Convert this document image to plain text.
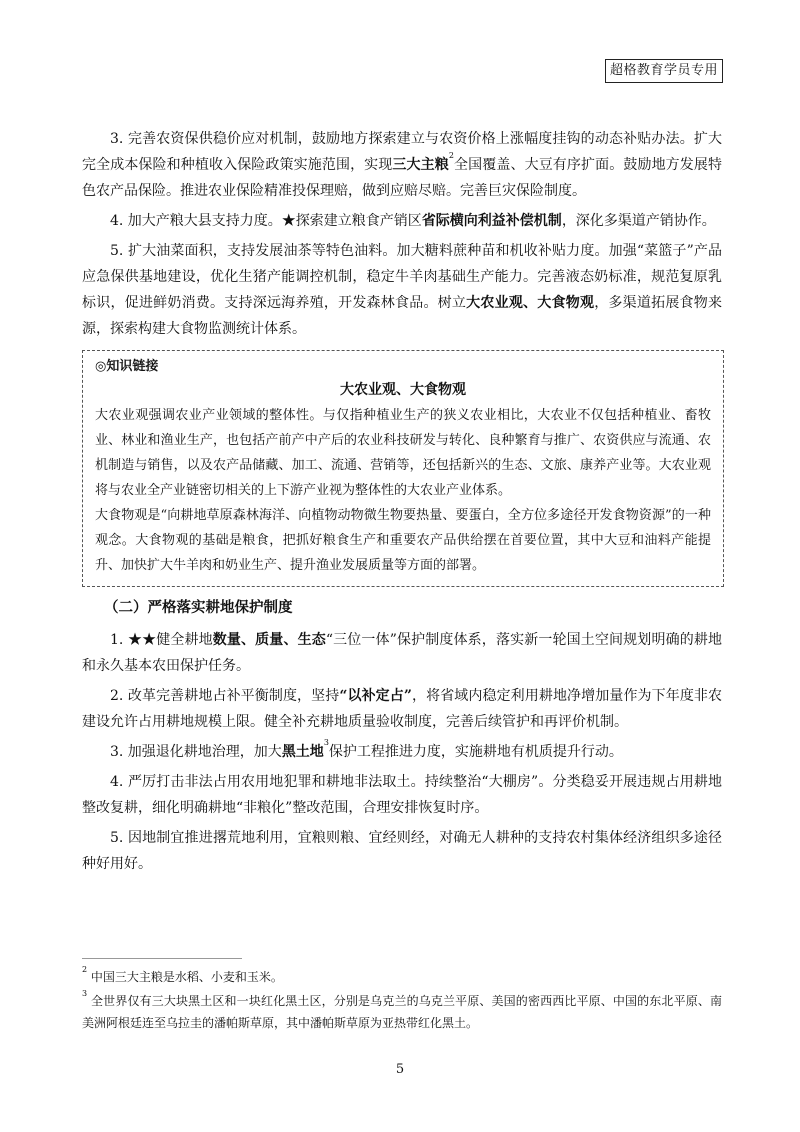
超格教育学员专用

3. 完善农资保供稳价应对机制，鼓励地方探索建立与农资价格上涨幅度挂钩的动态补贴办法。扩大完全成本保险和种植收入保险政策实施范围，实现三大主粮$^2$全国覆盖、大豆有序扩面。鼓励地方发展特色农产品保险。推进农业保险精准投保理赔，做到应赔尽赔。完善巨灾保险制度。

4. 加大产粮大县支持力度。★探索建立粮食产销区省际横向利益补偿机制，深化多渠道产销协作。

5. 扩大油菜面积，支持发展油茶等特色油料。加大糖料蔗种苗和机收补贴力度。加强“菜篮子”产品应急保供基地建设，优化生猪产能调控机制，稳定牛羊肉基础生产能力。完善液态奶标准，规范复原乳标识，促进鲜奶消费。支持深远海养殖，开发森林食品。树立大农业观、大食物观，多渠道拓展食物来源，探索构建大食物监测统计体系。

◎知识链接
大农业观、大食物观

大农业观强调农业产业领域的整体性。与仅指种植业生产的狭义农业相比，大农业不仅包括种植业、畜牧业、林业和渔业生产，也包括产前产中产后的农业科技研发与转化、良种繁育与推广、农资供应与流通、农机制造与销售，以及农产品储藏、加工、流通、营销等，还包括新兴的生态、文旅、康养产业等。大农业观将与农业全产业链密切相关的上下游产业视为整体性的大农业产业体系。

大食物观是“向耕地草原森林海洋、向植物动物微生物要热量、要蛋白，全方位多途径开发食物资源”的一种观念。大食物观的基础是粮食，把抓好粮食生产和重要农产品供给摆在首要位置，其中大豆和油料产能提升、加快扩大牛羊肉和奶业生产、提升渔业发展质量等方面的部署。

（二）严格落实耕地保护制度

1. ★★健全耕地数量、质量、生态“三位一体”保护制度体系，落实新一轮国土空间规划明确的耕地和永久基本农田保护任务。

2. 改革完善耕地占补平衡制度，坚持“以补定占”，将省域内稳定利用耕地净增加量作为下年度非农建设允许占用耕地规模上限。健全补充耕地质量验收制度，完善后续管护和再评价机制。

3. 加强退化耕地治理，加大黑土地$^3$保护工程推进力度，实施耕地有机质提升行动。

4. 严厉打击非法占用农用地犯罪和耕地非法取土。持续整治“大棚房”。分类稳妥开展违规占用耕地整改复耕，细化明确耕地“非粮化”整改范围，合理安排恢复时序。

5. 因地制宜推进撂荒地利用，宜粮则粮、宜经则经，对确无人耕种的支持农村集体经济组织多途径种好用好。

$^2$ 中国三大主粮是水稻、小麦和玉米。

$^3$ 全世界仅有三大块黑土区和一块红化黑土区，分别是乌克兰的乌克兰平原、美国的密西西比平原、中国的东北平原、南美洲阿根廷连至乌拉圭的潘帕斯草原，其中潘帕斯草原为亚热带红化黑土。

5
